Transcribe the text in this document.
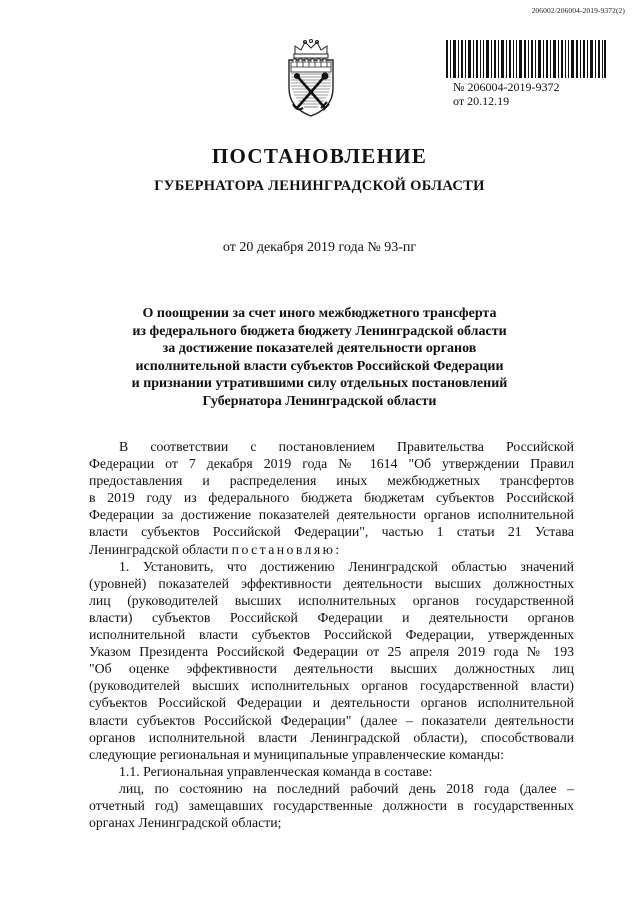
206002/206004-2019-9372(2)
№ 206004-2019-9372
от 20.12.19
ПОСТАНОВЛЕНИЕ
ГУБЕРНАТОРА ЛЕНИНГРАДСКОЙ ОБЛАСТИ
от 20 декабря 2019 года № 93-пг
О поощрении за счет иного межбюджетного трансферта
из федерального бюджета бюджету Ленинградской области
за достижение показателей деятельности органов
исполнительной власти субъектов Российской Федерации
и признании утратившими силу отдельных постановлений
Губернатора Ленинградской области
В соответствии с постановлением Правительства Российской
Федерации от 7 декабря 2019 года № 1614 "Об утверждении Правил
предоставления и распределения иных межбюджетных трансфертов
в 2019 году из федерального бюджета бюджетам субъектов Российской
Федерации за достижение показателей деятельности органов исполнительной
власти субъектов Российской Федерации", частью 1 статьи 21 Устава
Ленинградской области постановляю:
1. Установить, что достижению Ленинградской областью значений
(уровней) показателей эффективности деятельности высших должностных
лиц (руководителей высших исполнительных органов государственной
власти) субъектов Российской Федерации и деятельности органов
исполнительной власти субъектов Российской Федерации, утвержденных
Указом Президента Российской Федерации от 25 апреля 2019 года № 193
"Об оценке эффективности деятельности высших должностных лиц
(руководителей высших исполнительных органов государственной власти)
субъектов Российской Федерации и деятельности органов исполнительной
власти субъектов Российской Федерации" (далее – показатели деятельности
органов исполнительной власти Ленинградской области), способствовали
следующие региональная и муниципальные управленческие команды:
1.1. Региональная управленческая команда в составе:
лиц, по состоянию на последний рабочий день 2018 года (далее –
отчетный год) замещавших государственные должности в государственных
органах Ленинградской области;
